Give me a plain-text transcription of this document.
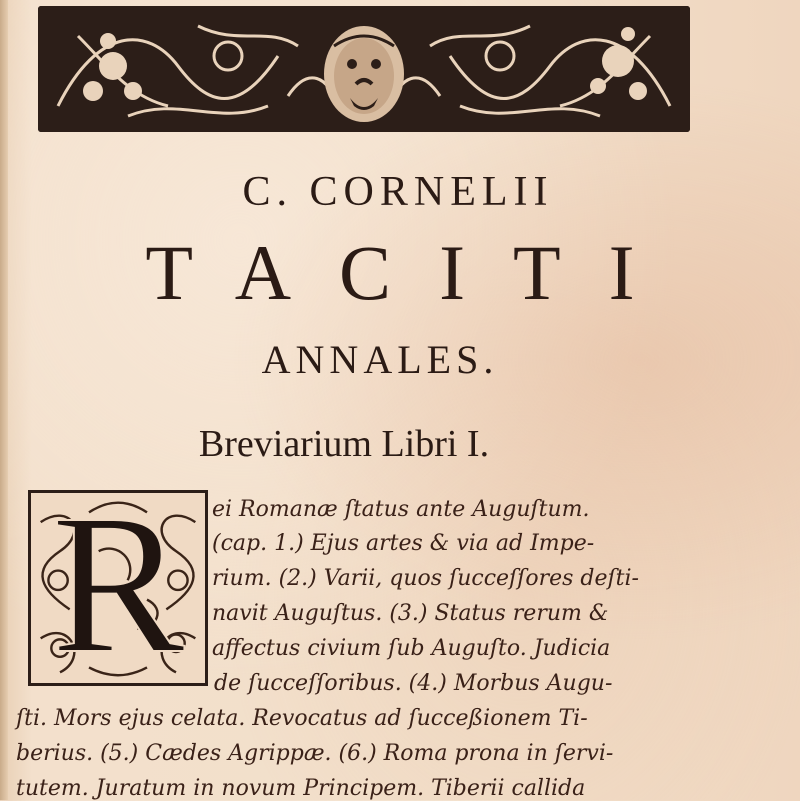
C. CORNELII
TACITI
ANNALES.
Breviarium Libri I.
R	ei Romanæ ſtatus ante Auguſtum.
(cap. 1.) Ejus artes & via ad Impe-
rium. (2.) Varii, quos ſucceſſores deſti-
navit Auguſtus. (3.) Status rerum &
affectus civium ſub Auguſto. Judicia
de ſucceſſoribus. (4.) Morbus Augu-
ſti. Mors ejus celata. Revocatus ad ſucceßionem Ti-
berius. (5.) Cædes Agrippæ. (6.) Roma prona in ſervi-
tutem. Juratum in novum Principem. Tiberii callida
